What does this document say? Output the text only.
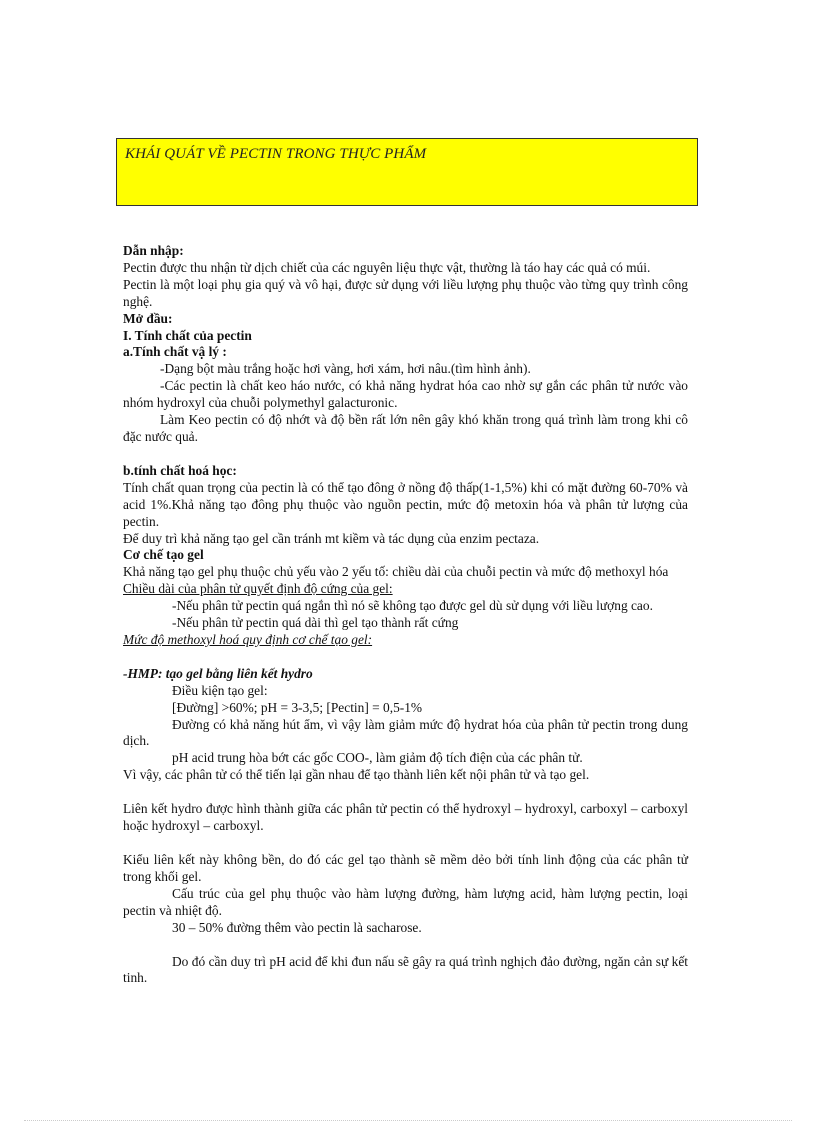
KHÁI QUÁT VỀ PECTIN TRONG THỰC PHẨM

Dẫn nhập:

Pectin được thu nhận từ dịch chiết của các nguyên liệu thực vật, thường là táo hay các quả có múi.

Pectin là một loại phụ gia quý và vô hại, được sử dụng với liều lượng phụ thuộc vào từng quy trình công nghệ.

Mở đầu:

I. Tính chất của pectin

a.Tính chất vậ lý :

-Dạng bột màu trắng hoặc hơi vàng, hơi xám, hơi nâu.(tìm hình ảnh).

-Các pectin là chất keo háo nước, có khả năng hydrat hóa cao nhờ sự gắn các phân tử nước vào nhóm hydroxyl của chuỗi polymethyl galacturonic.

Làm Keo pectin có độ nhớt và độ bền rất lớn nên gây khó khăn trong quá trình làm trong khi cô đặc nước quả.

b.tính chất hoá học:

Tính chất quan trọng của pectin là có thể tạo đông ở nồng độ thấp(1-1,5%) khi có mặt đường 60-70% và acid 1%.Khả năng tạo đông phụ thuộc vào nguồn pectin, mức độ metoxin hóa và phân tử lượng của pectin.

Để duy trì khả năng tạo gel cần tránh mt kiềm và tác dụng của enzim pectaza.

Cơ chế tạo gel

Khả năng tạo gel phụ thuộc chủ yếu vào 2 yếu tố: chiều dài của chuỗi pectin và mức độ methoxyl hóa

Chiều dài của phân tử quyết định độ cứng của gel:

-Nếu phân tử pectin quá ngắn thì nó sẽ không tạo được gel dù sử dụng với liều lượng cao.

-Nếu phân tử pectin quá dài thì gel tạo thành rất cứng

Mức độ methoxyl hoá quy định cơ chế tạo gel:

-HMP: tạo gel bằng liên kết hydro

Điều kiện tạo gel:

[Đường] >60%; pH = 3-3,5; [Pectin] = 0,5-1%

Đường có khả năng hút ẩm, vì vậy làm giảm mức độ hydrat hóa của phân tử pectin trong dung dịch.

pH acid trung hòa bớt các gốc COO-, làm giảm độ tích điện của các phân tử.

Vì vậy, các phân tử có thể tiến lại gần nhau để tạo thành liên kết nội phân tử và tạo gel.

Liên kết hydro được hình thành giữa các phân tử pectin có thể hydroxyl – hydroxyl, carboxyl – carboxyl hoặc hydroxyl – carboxyl.

Kiểu liên kết này không bền, do đó các gel tạo thành sẽ mềm dẻo bởi tính linh động của các phân tử trong khối gel.

Cấu trúc của gel phụ thuộc vào hàm lượng đường, hàm lượng acid, hàm lượng pectin, loại pectin và nhiệt độ.

30 – 50% đường thêm vào pectin là sacharose.

Do đó cần duy trì pH acid để khi đun nấu sẽ gây ra quá trình nghịch đảo đường, ngăn cản sự kết tinh.
